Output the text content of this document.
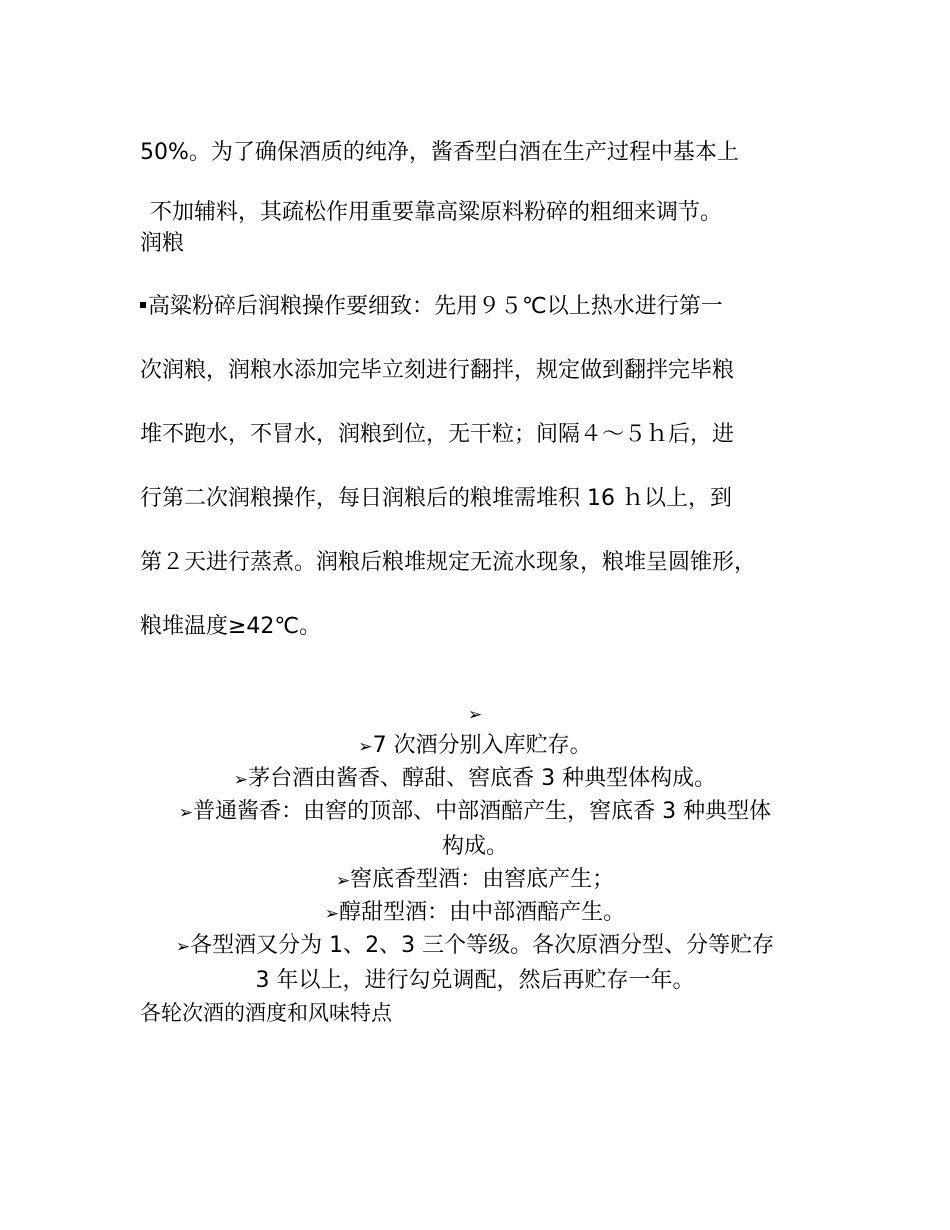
50%。为了确保酒质的纯净，酱香型白酒在生产过程中基本上
不加辅料，其疏松作用重要靠高粱原料粉碎的粗细来调节。
润粮
高粱粉碎后润粮操作要细致：先用９５℃以上热水进行第一
次润粮，润粮水添加完毕立刻进行翻拌，规定做到翻拌完毕粮
堆不跑水，不冒水，润粮到位，无干粒；间隔４～５ｈ后，进
行第二次润粮操作，每日润粮后的粮堆需堆积 16 ｈ以上，到
第２天进行蒸煮。润粮后粮堆规定无流水现象，粮堆呈圆锥形，
粮堆温度≥42℃。
➢
➢7 次酒分别入库贮存。
➢茅台酒由酱香、醇甜、窖底香 3 种典型体构成。
➢普通酱香：由窖的顶部、中部酒醅产生，窖底香 3 种典型体
构成。
➢窖底香型酒：由窖底产生；
➢醇甜型酒：由中部酒醅产生。
➢各型酒又分为 1、2、3 三个等级。各次原酒分型、分等贮存
3 年以上，进行勾兑调配，然后再贮存一年。
各轮次酒的酒度和风味特点
